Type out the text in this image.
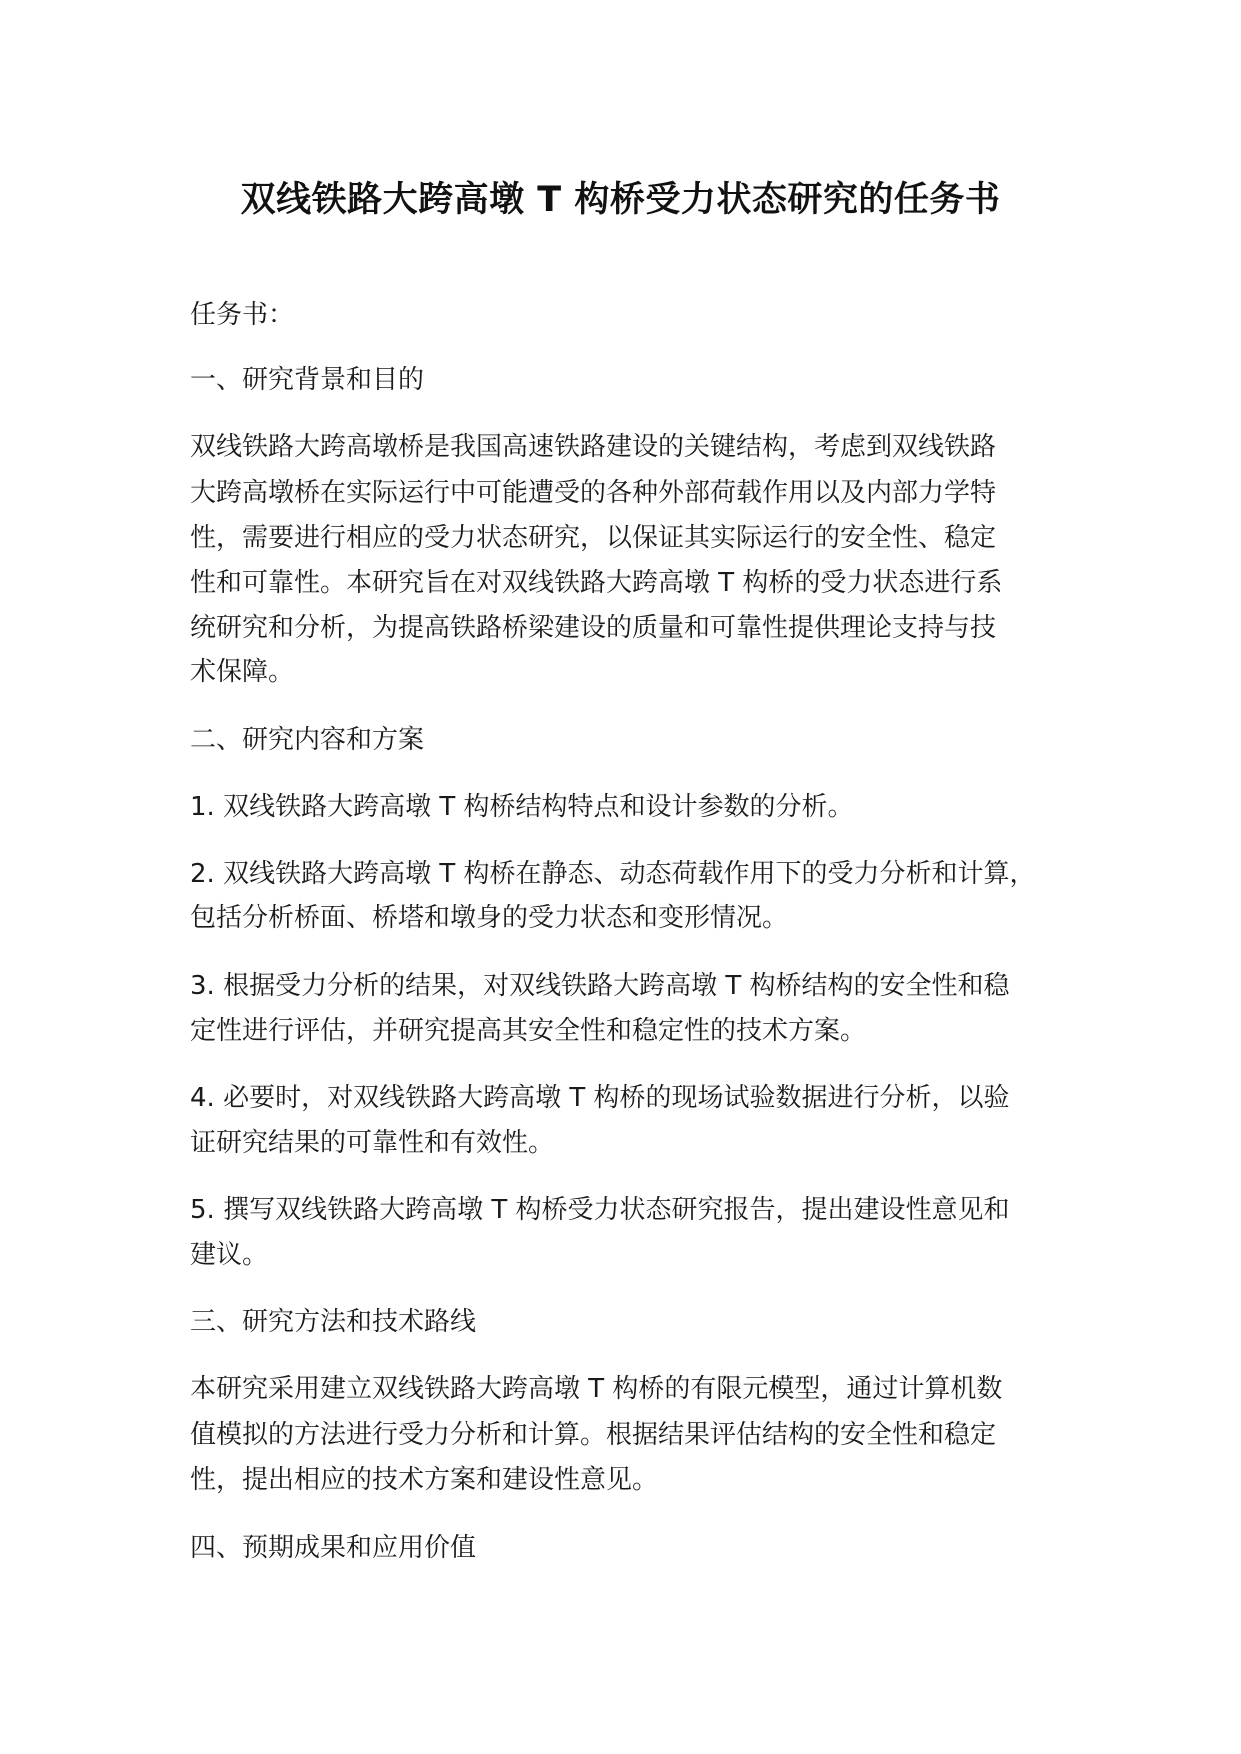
双线铁路大跨高墩 T 构桥受力状态研究的任务书
任务书：
一、研究背景和目的
双线铁路大跨高墩桥是我国高速铁路建设的关键结构，考虑到双线铁路
大跨高墩桥在实际运行中可能遭受的各种外部荷载作用以及内部力学特
性，需要进行相应的受力状态研究，以保证其实际运行的安全性、稳定
性和可靠性。本研究旨在对双线铁路大跨高墩 T 构桥的受力状态进行系
统研究和分析，为提高铁路桥梁建设的质量和可靠性提供理论支持与技
术保障。
二、研究内容和方案
1. 双线铁路大跨高墩 T 构桥结构特点和设计参数的分析。
2. 双线铁路大跨高墩 T 构桥在静态、动态荷载作用下的受力分析和计算，
包括分析桥面、桥塔和墩身的受力状态和变形情况。
3. 根据受力分析的结果，对双线铁路大跨高墩 T 构桥结构的安全性和稳
定性进行评估，并研究提高其安全性和稳定性的技术方案。
4. 必要时，对双线铁路大跨高墩 T 构桥的现场试验数据进行分析，以验
证研究结果的可靠性和有效性。
5. 撰写双线铁路大跨高墩 T 构桥受力状态研究报告，提出建设性意见和
建议。
三、研究方法和技术路线
本研究采用建立双线铁路大跨高墩 T 构桥的有限元模型，通过计算机数
值模拟的方法进行受力分析和计算。根据结果评估结构的安全性和稳定
性，提出相应的技术方案和建设性意见。
四、预期成果和应用价值
